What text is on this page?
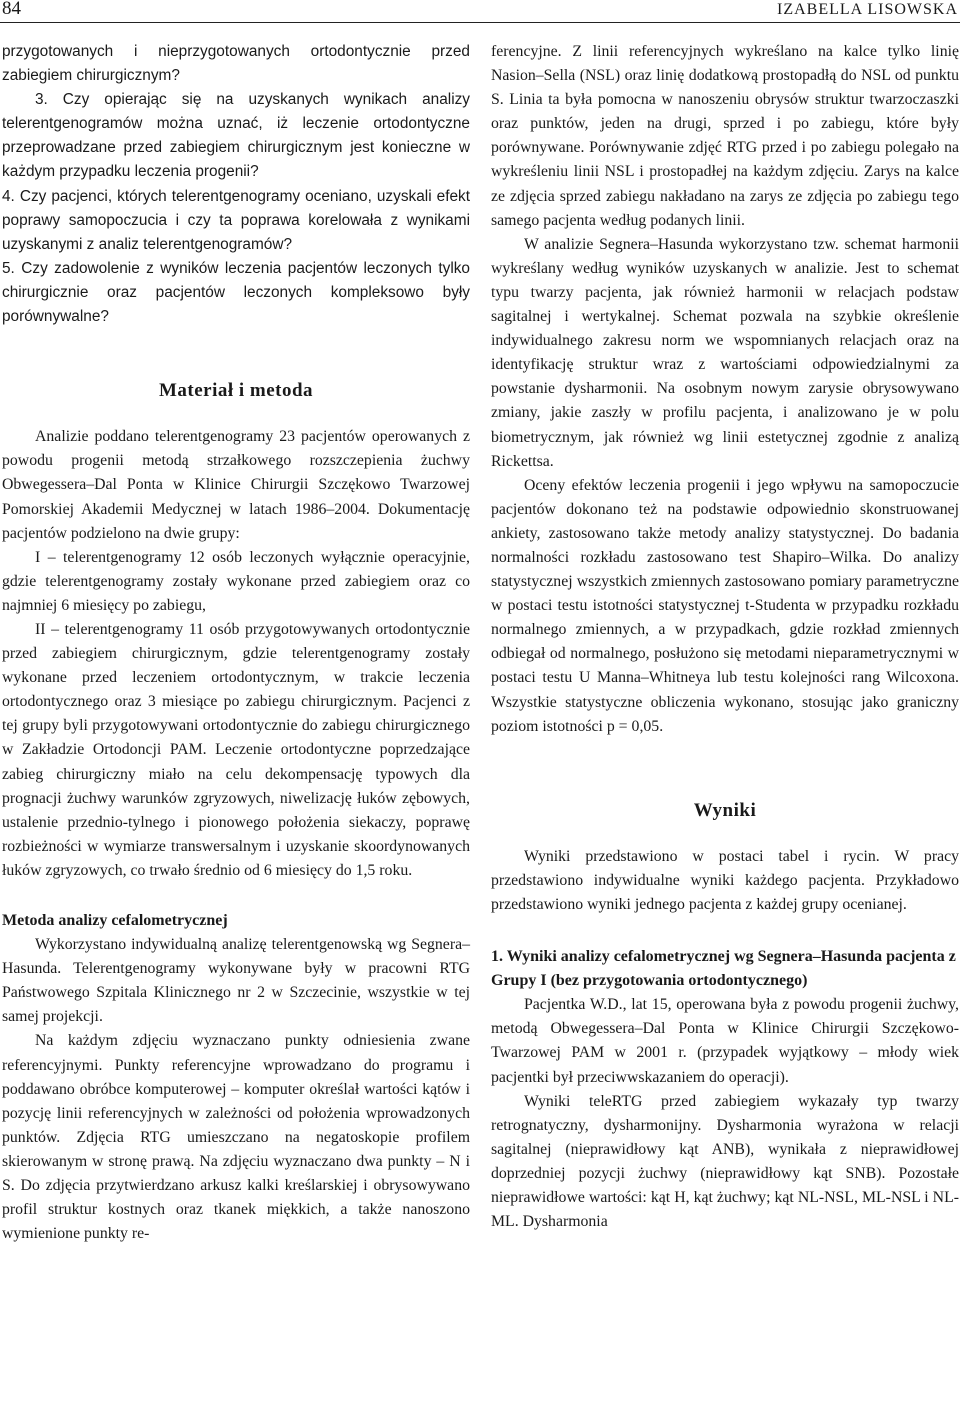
84	IZABELLA LISOWSKA

przygotowanych i nieprzygotowanych ortodontycznie przed zabiegiem chirurgicznym?

3. Czy opierając się na uzyskanych wynikach analizy telerentgenogramów można uznać, iż leczenie ortodontyczne przeprowadzane przed zabiegiem chirurgicznym jest konieczne w każdym przypadku leczenia progenii?

4. Czy pacjenci, których telerentgenogramy oceniano, uzyskali efekt poprawy samopoczucia i czy ta poprawa korelowała z wynikami uzyskanymi z analiz telerentgenogramów?

5. Czy zadowolenie z wyników leczenia pacjentów leczonych tylko chirurgicznie oraz pacjentów leczonych kompleksowo były porównywalne?

Materiał i metoda

Analizie poddano telerentgenogramy 23 pacjentów operowanych z powodu progenii metodą strzałkowego rozszczepienia żuchwy Obwegessera–Dal Ponta w Klinice Chirurgii Szczękowo Twarzowej Pomorskiej Akademii Medycznej w latach 1986–2004. Dokumentację pacjentów podzielono na dwie grupy:

I – telerentgenogramy 12 osób leczonych wyłącznie operacyjnie, gdzie telerentgenogramy zostały wykonane przed zabiegiem oraz co najmniej 6 miesięcy po zabiegu,

II – telerentgenogramy 11 osób przygotowywanych ortodontycznie przed zabiegiem chirurgicznym, gdzie telerentgenogramy zostały wykonane przed leczeniem ortodontycznym, w trakcie leczenia ortodontycznego oraz 3 miesiące po zabiegu chirurgicznym. Pacjenci z tej grupy byli przygotowywani ortodontycznie do zabiegu chirurgicznego w Zakładzie Ortodoncji PAM. Leczenie ortodontyczne poprzedzające zabieg chirurgiczny miało na celu dekompensację typowych dla prognacji żuchwy warunków zgryzowych, niwelizację łuków zębowych, ustalenie przednio-tylnego i pionowego położenia siekaczy, poprawę rozbieżności w wymiarze transwersalnym i uzyskanie skoordynowanych łuków zgryzowych, co trwało średnio od 6 miesięcy do 1,5 roku.

Metoda analizy cefalometrycznej

Wykorzystano indywidualną analizę telerentgenowską wg Segnera–Hasunda. Telerentgenogramy wykonywane były w pracowni RTG Państwowego Szpitala Klinicznego nr 2 w Szczecinie, wszystkie w tej samej projekcji.

Na każdym zdjęciu wyznaczano punkty odniesienia zwane referencyjnymi. Punkty referencyjne wprowadzano do programu i poddawano obróbce komputerowej – komputer określał wartości kątów i pozycję linii referencyjnych w zależności od położenia wprowadzonych punktów. Zdjęcia RTG umieszczano na negatoskopie profilem skierowanym w stronę prawą. Na zdjęciu wyznaczano dwa punkty – N i S. Do zdjęcia przytwierdzano arkusz kalki kreślarskiej i obrysowywano profil struktur kostnych oraz tkanek miękkich, a także nanoszono wymienione punkty re-

ferencyjne. Z linii referencyjnych wykreślano na kalce tylko linię Nasion–Sella (NSL) oraz linię dodatkową prostopadłą do NSL od punktu S. Linia ta była pomocna w nanoszeniu obrysów struktur twarzoczaszki oraz punktów, jeden na drugi, sprzed i po zabiegu, które były porównywane. Porównywanie zdjęć RTG przed i po zabiegu polegało na wykreśleniu linii NSL i prostopadłej na każdym zdjęciu. Zarys na kalce ze zdjęcia sprzed zabiegu nakładano na zarys ze zdjęcia po zabiegu tego samego pacjenta według podanych linii.

W analizie Segnera–Hasunda wykorzystano tzw. schemat harmonii wykreślany według wyników uzyskanych w analizie. Jest to schemat typu twarzy pacjenta, jak również harmonii w relacjach podstaw sagitalnej i wertykalnej. Schemat pozwala na szybkie określenie indywidualnego zakresu norm we wspomnianych relacjach oraz na identyfikację struktur wraz z wartościami odpowiedzialnymi za powstanie dysharmonii. Na osobnym nowym zarysie obrysowywano zmiany, jakie zaszły w profilu pacjenta, i analizowano je w polu biometrycznym, jak również wg linii estetycznej zgodnie z analizą Rickettsa.

Oceny efektów leczenia progenii i jego wpływu na samopoczucie pacjentów dokonano też na podstawie odpowiednio skonstruowanej ankiety, zastosowano także metody analizy statystycznej. Do badania normalności rozkładu zastosowano test Shapiro–Wilka. Do analizy statystycznej wszystkich zmiennych zastosowano pomiary parametryczne w postaci testu istotności statystycznej t-Studenta w przypadku rozkładu normalnego zmiennych, a w przypadkach, gdzie rozkład zmiennych odbiegał od normalnego, posłużono się metodami nieparametrycznymi w postaci testu U Manna–Whitneya lub testu kolejności rang Wilcoxona. Wszystkie statystyczne obliczenia wykonano, stosując jako graniczny poziom istotności p = 0,05.

Wyniki

Wyniki przedstawiono w postaci tabel i rycin. W pracy przedstawiono indywidualne wyniki każdego pacjenta. Przykładowo przedstawiono wyniki jednego pacjenta z każdej grupy ocenianej.

1. Wyniki analizy cefalometrycznej wg Segnera–Hasunda pacjenta z Grupy I (bez przygotowania ortodontycznego)

Pacjentka W.D., lat 15, operowana była z powodu progenii żuchwy, metodą Obwegessera–Dal Ponta w Klinice Chirurgii Szczękowo-Twarzowej PAM w 2001 r. (przypadek wyjątkowy – młody wiek pacjentki był przeciwwskazaniem do operacji).

Wyniki teleRTG przed zabiegiem wykazały typ twarzy retrognatyczny, dysharmonijny. Dysharmonia wyrażona w relacji sagitalnej (nieprawidłowy kąt ANB), wynikała z nieprawidłowej doprzedniej pozycji żuchwy (nieprawidłowy kąt SNB). Pozostałe nieprawidłowe wartości: kąt H, kąt żuchwy; kąt NL-NSL, ML-NSL i NL-ML. Dysharmonia
